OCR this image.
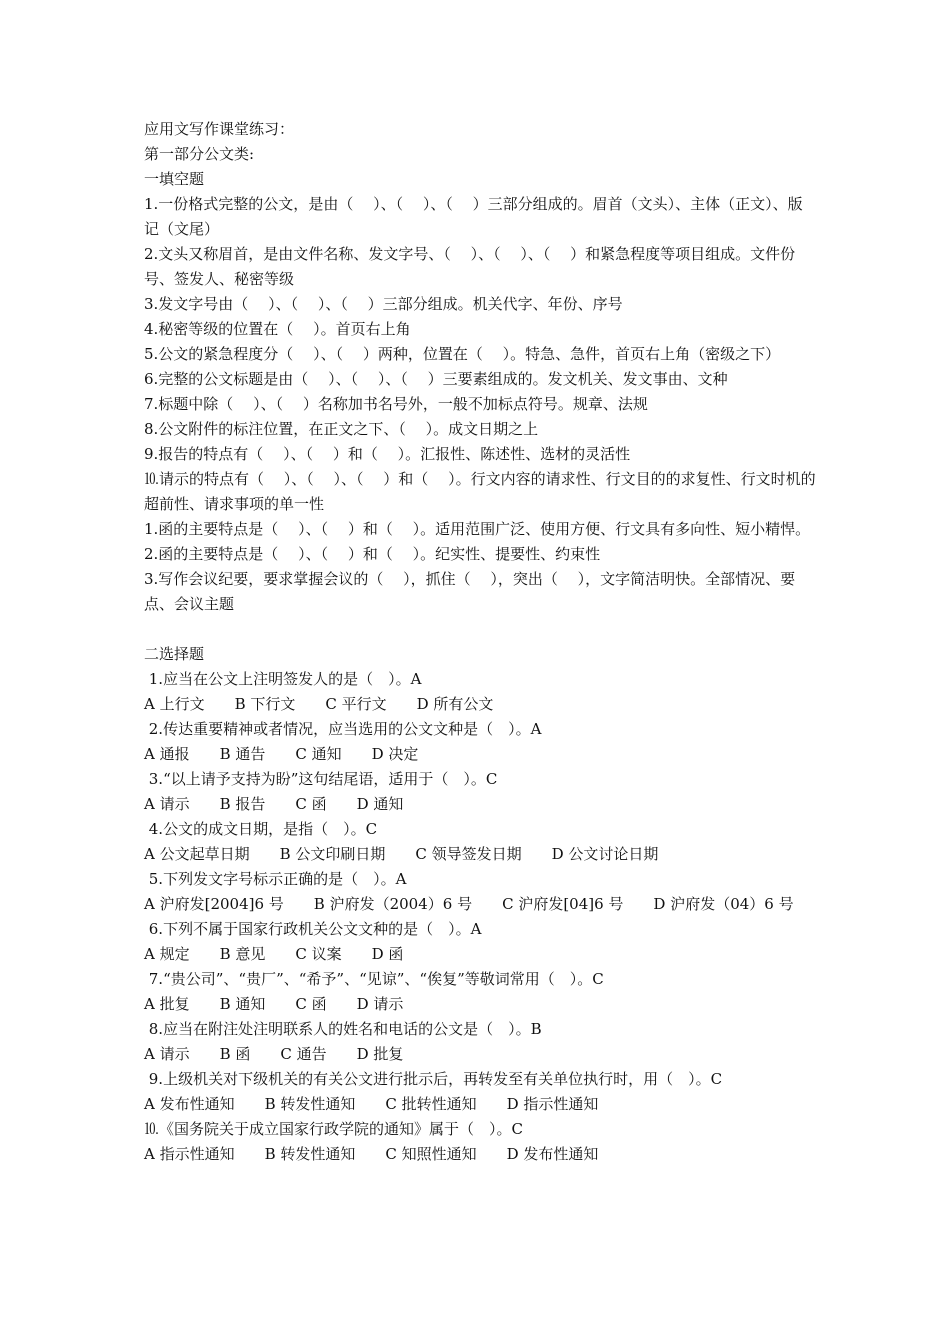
应用文写作课堂练习：
第一部分公文类:
一填空题
1.一份格式完整的公文，是由（　 ）、（　 ）、（　 ）三部分组成的。眉首（文头）、主体（正文）、版记（文尾）
2.文头又称眉首，是由文件名称、发文字号、（　 ）、（　 ）、（　 ）和紧急程度等项目组成。文件份号、签发人、秘密等级
3.发文字号由（　 ）、（　 ）、（　 ）三部分组成。机关代字、年份、序号
4.秘密等级的位置在（　 ）。首页右上角
5.公文的紧急程度分（　 ）、（　 ）两种，位置在（　 ）。特急、急件，首页右上角（密级之下）
6.完整的公文标题是由（　 ）、（　 ）、（　 ）三要素组成的。发文机关、发文事由、文种
7.标题中除（　 ）、（　 ）名称加书名号外，一般不加标点符号。规章、法规
8.公文附件的标注位置，在正文之下、（　 ）。成文日期之上
9.报告的特点有（　 ）、（　 ）和（　 ）。汇报性、陈述性、选材的灵活性
⒑请示的特点有（　 ）、（　 ）、（　 ）和（　 ）。行文内容的请求性、行文目的的求复性、行文时机的超前性、请求事项的单一性
1.函的主要特点是（　 ）、（　 ）和（　 ）。适用范围广泛、使用方便、行文具有多向性、短小精悍。
2.函的主要特点是（　 ）、（　 ）和（　 ）。纪实性、提要性、约束性
3.写作会议纪要，要求掌握会议的（　 ），抓住（　 ），突出（　 ），文字简洁明快。全部情况、要点、会议主题
二选择题
1.应当在公文上注明签发人的是（　）。A
A 上行文　　B 下行文　　C 平行文　　D 所有公文
2.传达重要精神或者情况，应当选用的公文文种是（　）。A
A 通报　　B 通告　　C 通知　　D 决定
3.“以上请予支持为盼”这句结尾语，适用于（　）。C
A 请示　　B 报告　　C 函　　D 通知
4.公文的成文日期，是指（　）。C
A 公文起草日期　　B 公文印刷日期　　C 领导签发日期　　D 公文讨论日期
5.下列发文字号标示正确的是（　）。A
A 沪府发[2004]6 号　　B 沪府发（2004）6 号　　C 沪府发[04]6 号　　D 沪府发（04）6 号
6.下列不属于国家行政机关公文文种的是（　）。A
A 规定　　B 意见　　C 议案　　D 函
7.“贵公司”、“贵厂”、“希予”、“见谅”、“俟复”等敬词常用（　）。C
A 批复　　B 通知　　C 函　　D 请示
8.应当在附注处注明联系人的姓名和电话的公文是（　）。B
A 请示　　B 函　　C 通告　　D 批复
9.上级机关对下级机关的有关公文进行批示后，再转发至有关单位执行时，用（　）。C
A 发布性通知　　B 转发性通知　　C 批转性通知　　D 指示性通知
⒑《国务院关于成立国家行政学院的通知》属于（　）。C
A 指示性通知　　B 转发性通知　　C 知照性通知　　D 发布性通知
